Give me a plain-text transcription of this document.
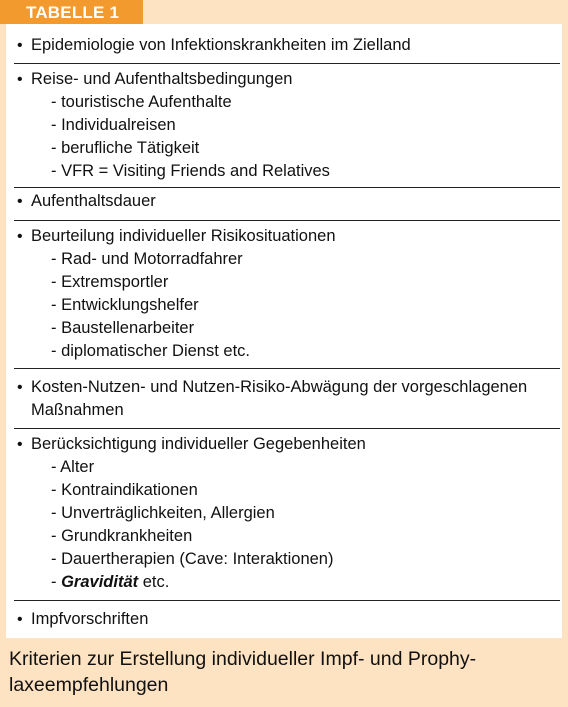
TABELLE 1
• Epidemiologie von Infektionskrankheiten im Zielland
• Reise- und Aufenthaltsbedingungen
- touristische Aufenthalte
- Individualreisen
- berufliche Tätigkeit
- VFR = Visiting Friends and Relatives
• Aufenthaltsdauer
• Beurteilung individueller Risikosituationen
- Rad- und Motorradfahrer
- Extremsportler
- Entwicklungshelfer
- Baustellenarbeiter
- diplomatischer Dienst etc.
• Kosten-Nutzen- und Nutzen-Risiko-Abwägung der vorgeschlagenen
Maßnahmen
• Berücksichtigung individueller Gegebenheiten
- Alter
- Kontraindikationen
- Unverträglichkeiten, Allergien
- Grundkrankheiten
- Dauertherapien (Cave: Interaktionen)
- Gravidität etc.
• Impfvorschriften
Kriterien zur Erstellung individueller Impf- und Prophy-
laxeempfehlungen
